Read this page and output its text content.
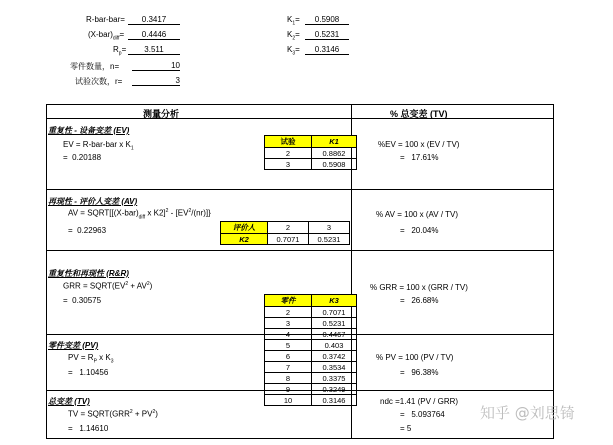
R-bar-bar=	0.3417
$(X-bar)_{diff}=$	0.4446
$R_p=$	3.511
零件数量，n=	10
试验次数，r=	3
$K_1=$	0.5908
$K_2=$	0.5231
$K_3=$	0.3146
测量分析	% 总变差 (TV)
重复性 - 设备变差 (EV)
EV = R-bar-bar x $K_1$
= 0.20188
试验	K1
2	0.8862
3	0.5908
%EV = 100 x (EV / TV)
= 17.61%
再现性 - 评价人变差 (AV)
AV = $SQRT[[(X-bar)_{diff}$ x $K2]^2 - [EV^2/(nr)]$}
= 0.22963	评价人	2	3
K2	0.7071	0.5231
% AV = 100 x (AV / TV)
= 20.04%
重复性和再现性 (R&R)
GRR = $SQRT(EV^2 + AV^2)$
= 0.30575	零件	K3
2	0.7071
3	0.5231
4	0.4467
5	0.403
6	0.3742
7	0.3534
8	0.3375
9	0.3249
10	0.3146
% GRR = 100 x (GRR / TV)
= 26.68%
零件变差 (PV)
PV = $R_P$ x $K_3$
= 1.10456
% PV = 100 (PV / TV)
= 96.38%
总变差 (TV)
TV = $SQRT(GRR^2 + PV^2)$
= 1.14610
ndc =1.41 (PV / GRR)
= 5.093764
= 5
知乎 @刘思锜
